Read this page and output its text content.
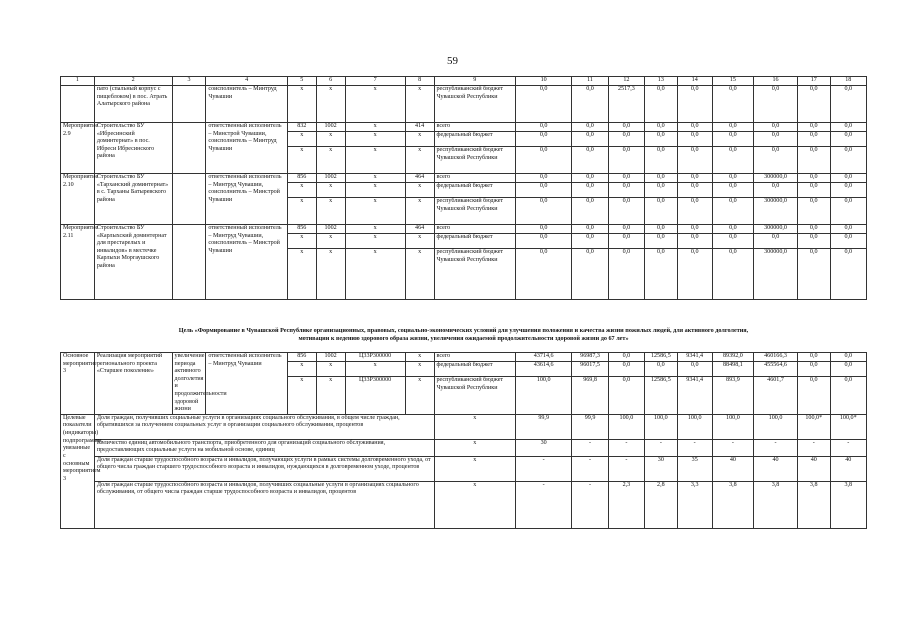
59
1	2	3	4	5	6	7	8	9	10	11	12	13	14	15	16	17	18
	пато (спальный корпус с пищеблоком) в пос. Атрать Алатырского района		соисполнитель – Минтруд Чувашии	x	x	x	x	республиканский бюджет Чувашской Республики	0,0	0,0	2517,3	0,0	0,0	0,0	0,0	0,0	0,0
Мероприятие 2.9	Строительство БУ «Ибресинский доминтернат» в пос. Ибреси Ибресинского района		ответственный исполнитель – Минстрой Чувашии, соисполнитель – Минтруд Чувашии	832	1002	x	414	всего	0,0	0,0	0,0	0,0	0,0	0,0	0,0	0,0	0,0
				x	x	x	x	федеральный бюджет	0,0	0,0	0,0	0,0	0,0	0,0	0,0	0,0	0,0
				x	x	x	x	республиканский бюджет Чувашской Республики	0,0	0,0	0,0	0,0	0,0	0,0	0,0	0,0	0,0
Мероприятие 2.10	Строительство БУ «Тарханский доминтернат» в с. Тарханы Батыревского района		ответственный исполнитель – Минтруд Чувашии, соисполнитель – Минстрой Чувашии	856	1002	x	464	всего	0,0	0,0	0,0	0,0	0,0	0,0	300000,0	0,0	0,0
				x	x	x	x	федеральный бюджет	0,0	0,0	0,0	0,0	0,0	0,0	0,0	0,0	0,0
				x	x	x	x	республиканский бюджет Чувашской Республики	0,0	0,0	0,0	0,0	0,0	0,0	300000,0	0,0	0,0
Мероприятие 2.11	Строительство БУ «Карлыхский доминтернат для престарелых и инвалидов» в местечке Карлыхи Моргаушского района		ответственный исполнитель – Минтруд Чувашии, соисполнитель – Минстрой Чувашии	856	1002	x	464	всего	0,0	0,0	0,0	0,0	0,0	0,0	300000,0	0,0	0,0
				x	x	x	x	федеральный бюджет	0,0	0,0	0,0	0,0	0,0	0,0	0,0	0,0	0,0
				x	x	x	x	республиканский бюджет Чувашской Республики	0,0	0,0	0,0	0,0	0,0	0,0	300000,0	0,0	0,0
Цель «Формирование в Чувашской Республике организационных, правовых, социально-экономических условий для улучшения положения и качества жизни пожилых людей, для активного долголетия,
мотивации к ведению здорового образа жизни, увеличения ожидаемой продолжительности здоровой жизни до 67 лет»
Основное мероприятие 3	Реализация мероприятий регионального проекта «Старшее поколение»	увеличение периода активного долголетия и продолжительности здоровой жизни	ответственный исполнитель – Минтруд Чувашии	856	1002	Ц33Р300000	x	всего	43714,6	96987,3	0,0	12586,5	9341,4	89392,0	460166,3	0,0	0,0
				x	x	x	x	федеральный бюджет	43614,6	96017,5	0,0	0,0	0,0	88498,1	455564,6	0,0	0,0
				x	x	Ц33Р300000	x	республиканский бюджет Чувашской Республики	100,0	969,8	0,0	12586,5	9341,4	893,9	4601,7	0,0	0,0
Целевые показатели (индикаторы) подпрограммы, увязанные с основным мероприятием 3	Доля граждан, получивших социальные услуги в организациях социального обслуживания, в общем числе граждан, обратившихся за получением социальных услуг в организации социального обслуживания, процентов							x	99,9	99,9	100,0	100,0	100,0	100,0	100,0	100,0*	100,0*
	Количество единиц автомобильного транспорта, приобретенного для организаций социального обслуживания, предоставляющих социальные услуги на мобильной основе, единиц							x	30	-	-	-	-	-	-	-	-
	Доля граждан старше трудоспособного возраста и инвалидов, получающих услуги в рамках системы долговременного ухода, от общего числа граждан старшего трудоспособного возраста и инвалидов, нуждающихся в долговременном уходе, процентов							x	-	-	-	30	35	40	40	40	40
	Доля граждан старше трудоспособного возраста и инвалидов, получивших социальные услуги в организациях социального обслуживания, от общего числа граждан старше трудоспособного возраста и инвалидов, процентов							x	-	-	2,3	2,8	3,3	3,8	3,8	3,8	3,8
